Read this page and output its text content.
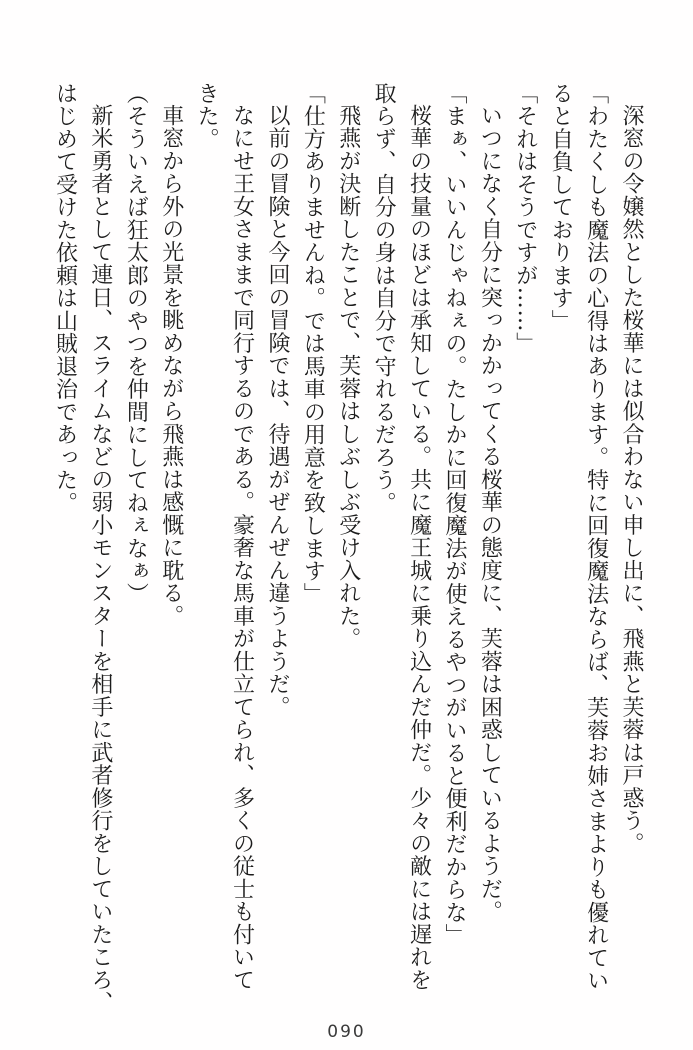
深窓の令嬢然とした桜華には似合わない申し出に、飛燕と芙蓉は戸惑う。

「わたくしも魔法の心得はあります。特に回復魔法ならば、芙蓉お姉さまよりも優れてい

ると自負しております」

「それはそうですが……」

いつになく自分に突っかかってくる桜華の態度に、芙蓉は困惑しているようだ。

「まぁ、いいんじゃねぇの。たしかに回復魔法が使えるやつがいると便利だからな」

桜華の技量のほどは承知している。共に魔王城に乗り込んだ仲だ。少々の敵には遅れを

取らず、自分の身は自分で守れるだろう。

飛燕が決断したことで、芙蓉はしぶしぶ受け入れた。

「仕方ありませんね。では馬車の用意を致します」

以前の冒険と今回の冒険では、待遇がぜんぜん違うようだ。

なにせ王女さままで同行するのである。豪奢な馬車が仕立てられ、多くの従士も付いて

きた。

車窓から外の光景を眺めながら飛燕は感慨に耽る。

（そういえば狂太郎のやつを仲間にしてねぇなぁ）

新米勇者として連日、スライムなどの弱小モンスターを相手に武者修行をしていたころ、

はじめて受けた依頼は山賊退治であった。

090
